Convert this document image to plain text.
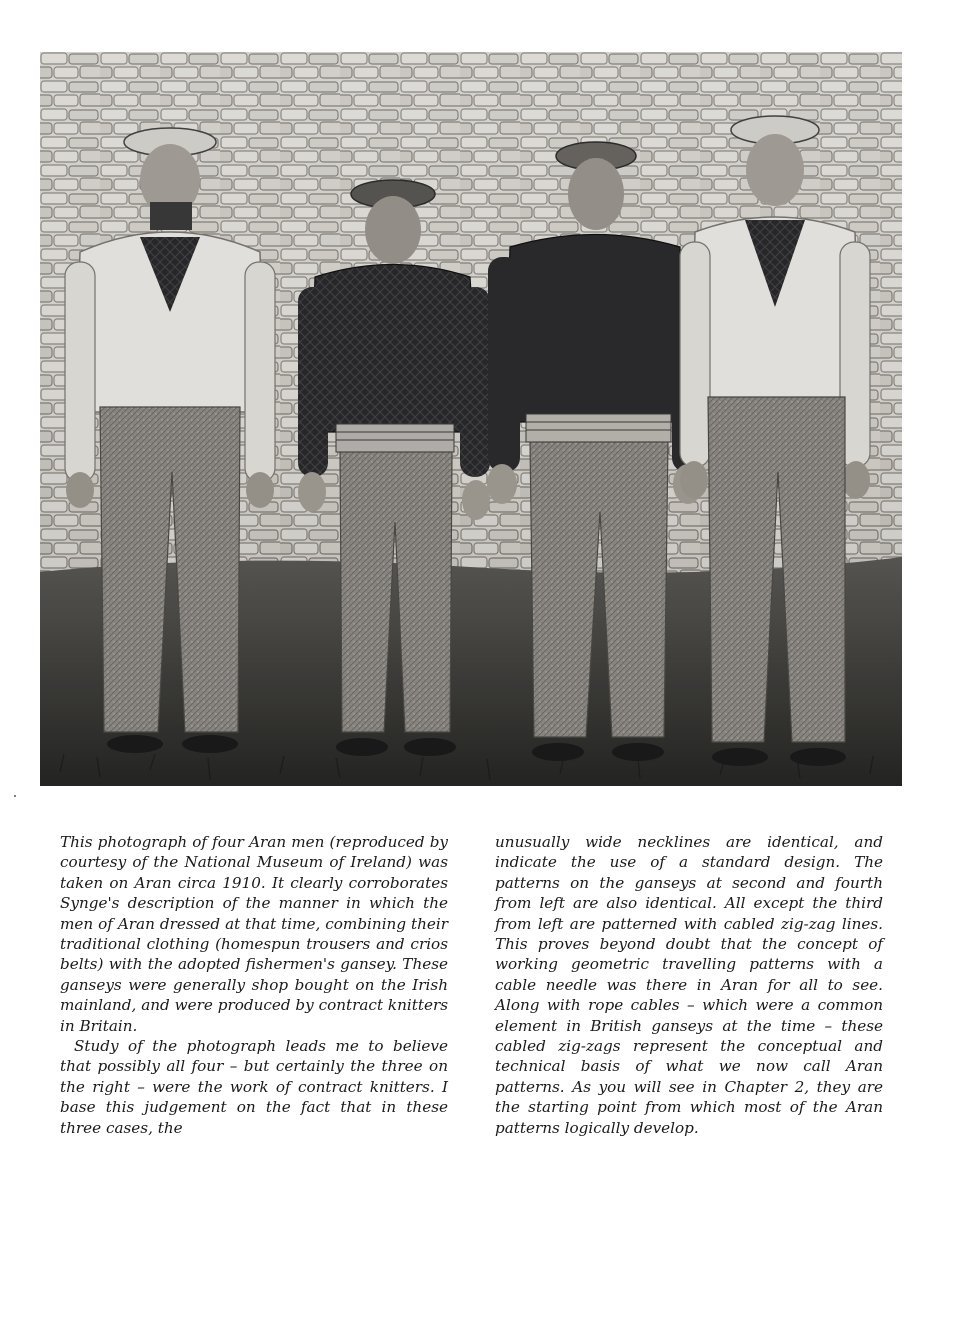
This photograph of four Aran men (reproduced by courtesy of the National Museum of Ireland) was taken on Aran circa 1910. It clearly corroborates Synge's description of the manner in which the men of Aran dressed at that time, combining their traditional clothing (homespun trousers and crios belts) with the adopted fishermen's gansey. These ganseys were generally shop bought on the Irish mainland, and were produced by contract knitters in Britain.

Study of the photograph leads me to believe that possibly all four – but certainly the three on the right – were the work of contract knitters. I base this judgement on the fact that in these three cases, the

unusually wide necklines are identical, and indicate the use of a standard design. The patterns on the ganseys at second and fourth from left are also identical. All except the third from left are patterned with cabled zig-zag lines. This proves beyond doubt that the concept of working geometric travelling patterns with a cable needle was there in Aran for all to see. Along with rope cables – which were a common element in British ganseys at the time – these cabled zig-zags represent the conceptual and technical basis of what we now call Aran patterns. As you will see in Chapter 2, they are the starting point from which most of the Aran patterns logically develop.
